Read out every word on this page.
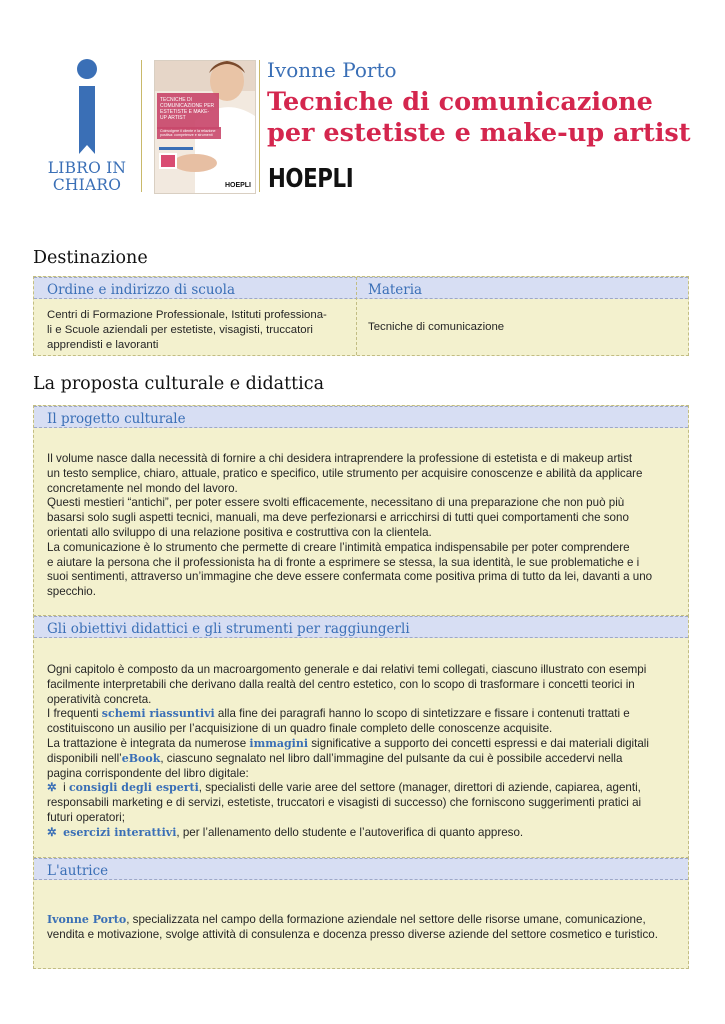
LIBRO IN
CHIARO
TECNICHE DI COMUNICAZIONE PER ESTETISTE E MAKE-UP ARTIST
Coinvolgere il cliente e la relazione positiva: competenze e strumenti
HOEPLI
Ivonne Porto
Tecniche di comunicazione
per estetiste e make-up artist
HOEPLI
Destinazione
Ordine e indirizzo di scuola	Materia
Centri di Formazione Professionale, Istituti professiona-
li e Scuole aziendali per estetiste, visagisti, truccatori
apprendisti e lavoranti
Tecniche di comunicazione
La proposta culturale e didattica
Il progetto culturale
Il volume nasce dalla necessità di fornire a chi desidera intraprendere la professione di estetista e di makeup artist
un testo semplice, chiaro, attuale, pratico e specifico, utile strumento per acquisire conoscenze e abilità da applicare
concretamente nel mondo del lavoro.
Questi mestieri “antichi”, per poter essere svolti efficacemente, necessitano di una preparazione che non può più
basarsi solo sugli aspetti tecnici, manuali, ma deve perfezionarsi e arricchirsi di tutti quei comportamenti che sono
orientati allo sviluppo di una relazione positiva e costruttiva con la clientela.
La comunicazione è lo strumento che permette di creare l’intimità empatica indispensabile per poter comprendere
e aiutare la persona che il professionista ha di fronte a esprimere se stessa, la sua identità, le sue problematiche e i
suoi sentimenti, attraverso un’immagine che deve essere confermata come positiva prima di tutto da lei, davanti a uno
specchio.
Gli obiettivi didattici e gli strumenti per raggiungerli
Ogni capitolo è composto da un macroargomento generale e dai relativi temi collegati, ciascuno illustrato con esempi
facilmente interpretabili che derivano dalla realtà del centro estetico, con lo scopo di trasformare i concetti teorici in
operatività concreta.
I frequenti schemi riassuntivi alla fine dei paragrafi hanno lo scopo di sintetizzare e fissare i contenuti trattati e
costituiscono un ausilio per l’acquisizione di un quadro finale completo delle conoscenze acquisite.
La trattazione è integrata da numerose immagini significative a supporto dei concetti espressi e dai materiali digitali
disponibili nell’eBook, ciascuno segnalato nel libro dall’immagine del pulsante da cui è possibile accedervi nella
pagina corrispondente del libro digitale:
✲  i consigli degli esperti, specialisti delle varie aree del settore (manager, direttori di aziende, capiarea, agenti,
responsabili marketing e di servizi, estetiste, truccatori e visagisti di successo) che forniscono suggerimenti pratici ai
futuri operatori;
✲ esercizi interattivi, per l’allenamento dello studente e l’autoverifica di quanto appreso.
L'autrice
Ivonne Porto, specializzata nel campo della formazione aziendale nel settore delle risorse umane, comunicazione,
vendita e motivazione, svolge attività di consulenza e docenza presso diverse aziende del settore cosmetico e turistico.
